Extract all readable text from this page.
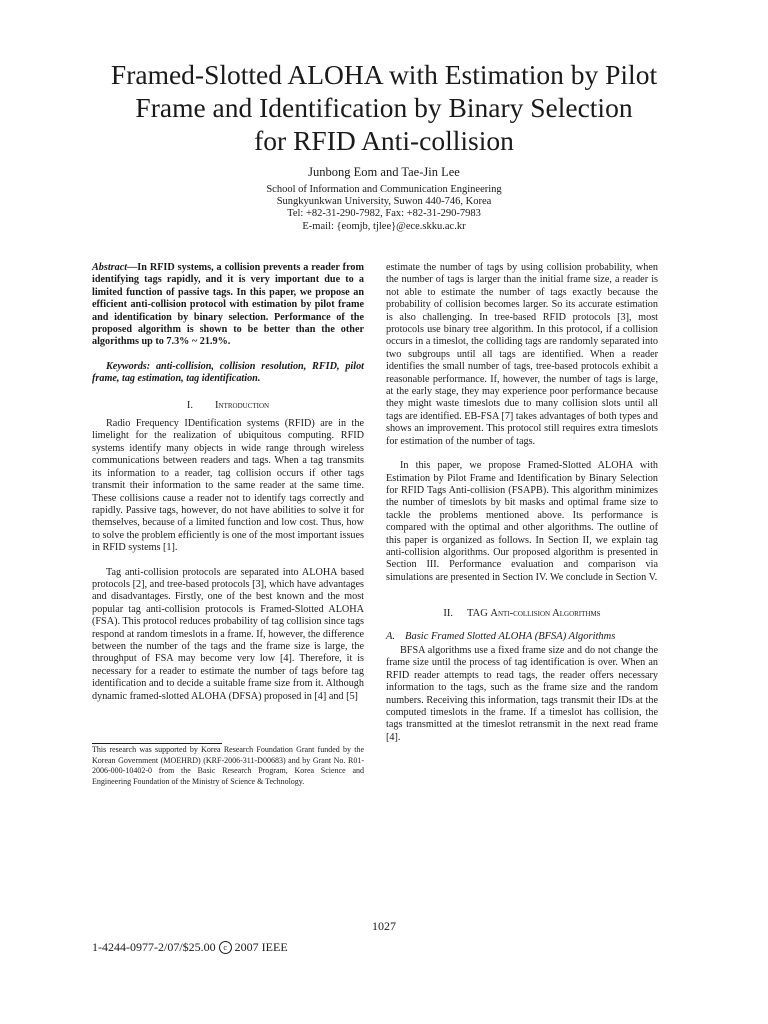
Framed-Slotted ALOHA with Estimation by Pilot
Frame and Identification by Binary Selection
for RFID Anti-collision
Junbong Eom and Tae-Jin Lee
School of Information and Communication Engineering
Sungkyunkwan University, Suwon 440-746, Korea
Tel: +82-31-290-7982, Fax: +82-31-290-7983
E-mail: {eomjb, tjlee}@ece.skku.ac.kr

Abstract—In RFID systems, a collision prevents a reader from identifying tags rapidly, and it is very important due to a limited function of passive tags. In this paper, we propose an efficient anti-collision protocol with estimation by pilot frame and identification by binary selection. Performance of the proposed algorithm is shown to be better than the other algorithms up to 7.3% ~ 21.9%.

Keywords: anti-collision, collision resolution, RFID, pilot frame, tag estimation, tag identification.

I. Introduction

Radio Frequency IDentification systems (RFID) are in the limelight for the realization of ubiquitous computing. RFID systems identify many objects in wide range through wireless communications between readers and tags. When a tag transmits its information to a reader, tag collision occurs if other tags transmit their information to the same reader at the same time. These collisions cause a reader not to identify tags correctly and rapidly. Passive tags, however, do not have abilities to solve it for themselves, because of a limited function and low cost. Thus, how to solve the problem efficiently is one of the most important issues in RFID systems [1].

Tag anti-collision protocols are separated into ALOHA based protocols [2], and tree-based protocols [3], which have advantages and disadvantages. Firstly, one of the best known and the most popular tag anti-collision protocols is Framed-Slotted ALOHA (FSA). This protocol reduces probability of tag collision since tags respond at random timeslots in a frame. If, however, the difference between the number of the tags and the frame size is large, the throughput of FSA may become very low [4]. Therefore, it is necessary for a reader to estimate the number of tags before tag identification and to decide a suitable frame size from it. Although dynamic framed-slotted ALOHA (DFSA) proposed in [4] and [5]

This research was supported by Korea Research Foundation Grant funded by the Korean Government (MOEHRD) (KRF-2006-311-D00683) and by Grant No. R01-2006-000-10402-0 from the Basic Research Program, Korea Science and Engineering Foundation of the Ministry of Science & Technology.

estimate the number of tags by using collision probability, when the number of tags is larger than the initial frame size, a reader is not able to estimate the number of tags exactly because the probability of collision becomes larger. So its accurate estimation is also challenging. In tree-based RFID protocols [3], most protocols use binary tree algorithm. In this protocol, if a collision occurs in a timeslot, the colliding tags are randomly separated into two subgroups until all tags are identified. When a reader identifies the small number of tags, tree-based protocols exhibit a reasonable performance. If, however, the number of tags is large, at the early stage, they may experience poor performance because they might waste timeslots due to many collision slots until all tags are identified. EB-FSA [7] takes advantages of both types and shows an improvement. This protocol still requires extra timeslots for estimation of the number of tags.

In this paper, we propose Framed-Slotted ALOHA with Estimation by Pilot Frame and Identification by Binary Selection for RFID Tags Anti-collision (FSAPB). This algorithm minimizes the number of timeslots by bit masks and optimal frame size to tackle the problems mentioned above. Its performance is compared with the optimal and other algorithms. The outline of this paper is organized as follows. In Section II, we explain tag anti-collision algorithms. Our proposed algorithm is presented in Section III. Performance evaluation and comparison via simulations are presented in Section IV. We conclude in Section V.

II. TAG Anti-collision Algorithms
A. Basic Framed Slotted ALOHA (BFSA) Algorithms

BFSA algorithms use a fixed frame size and do not change the frame size until the process of tag identification is over. When an RFID reader attempts to read tags, the reader offers necessary information to the tags, such as the frame size and the random numbers. Receiving this information, tags transmit their IDs at the computed timeslots in the frame. If a timeslot has collision, the tags transmitted at the timeslot retransmit in the next read frame [4].

1027
1-4244-0977-2/07/$25.00 c 2007 IEEE
